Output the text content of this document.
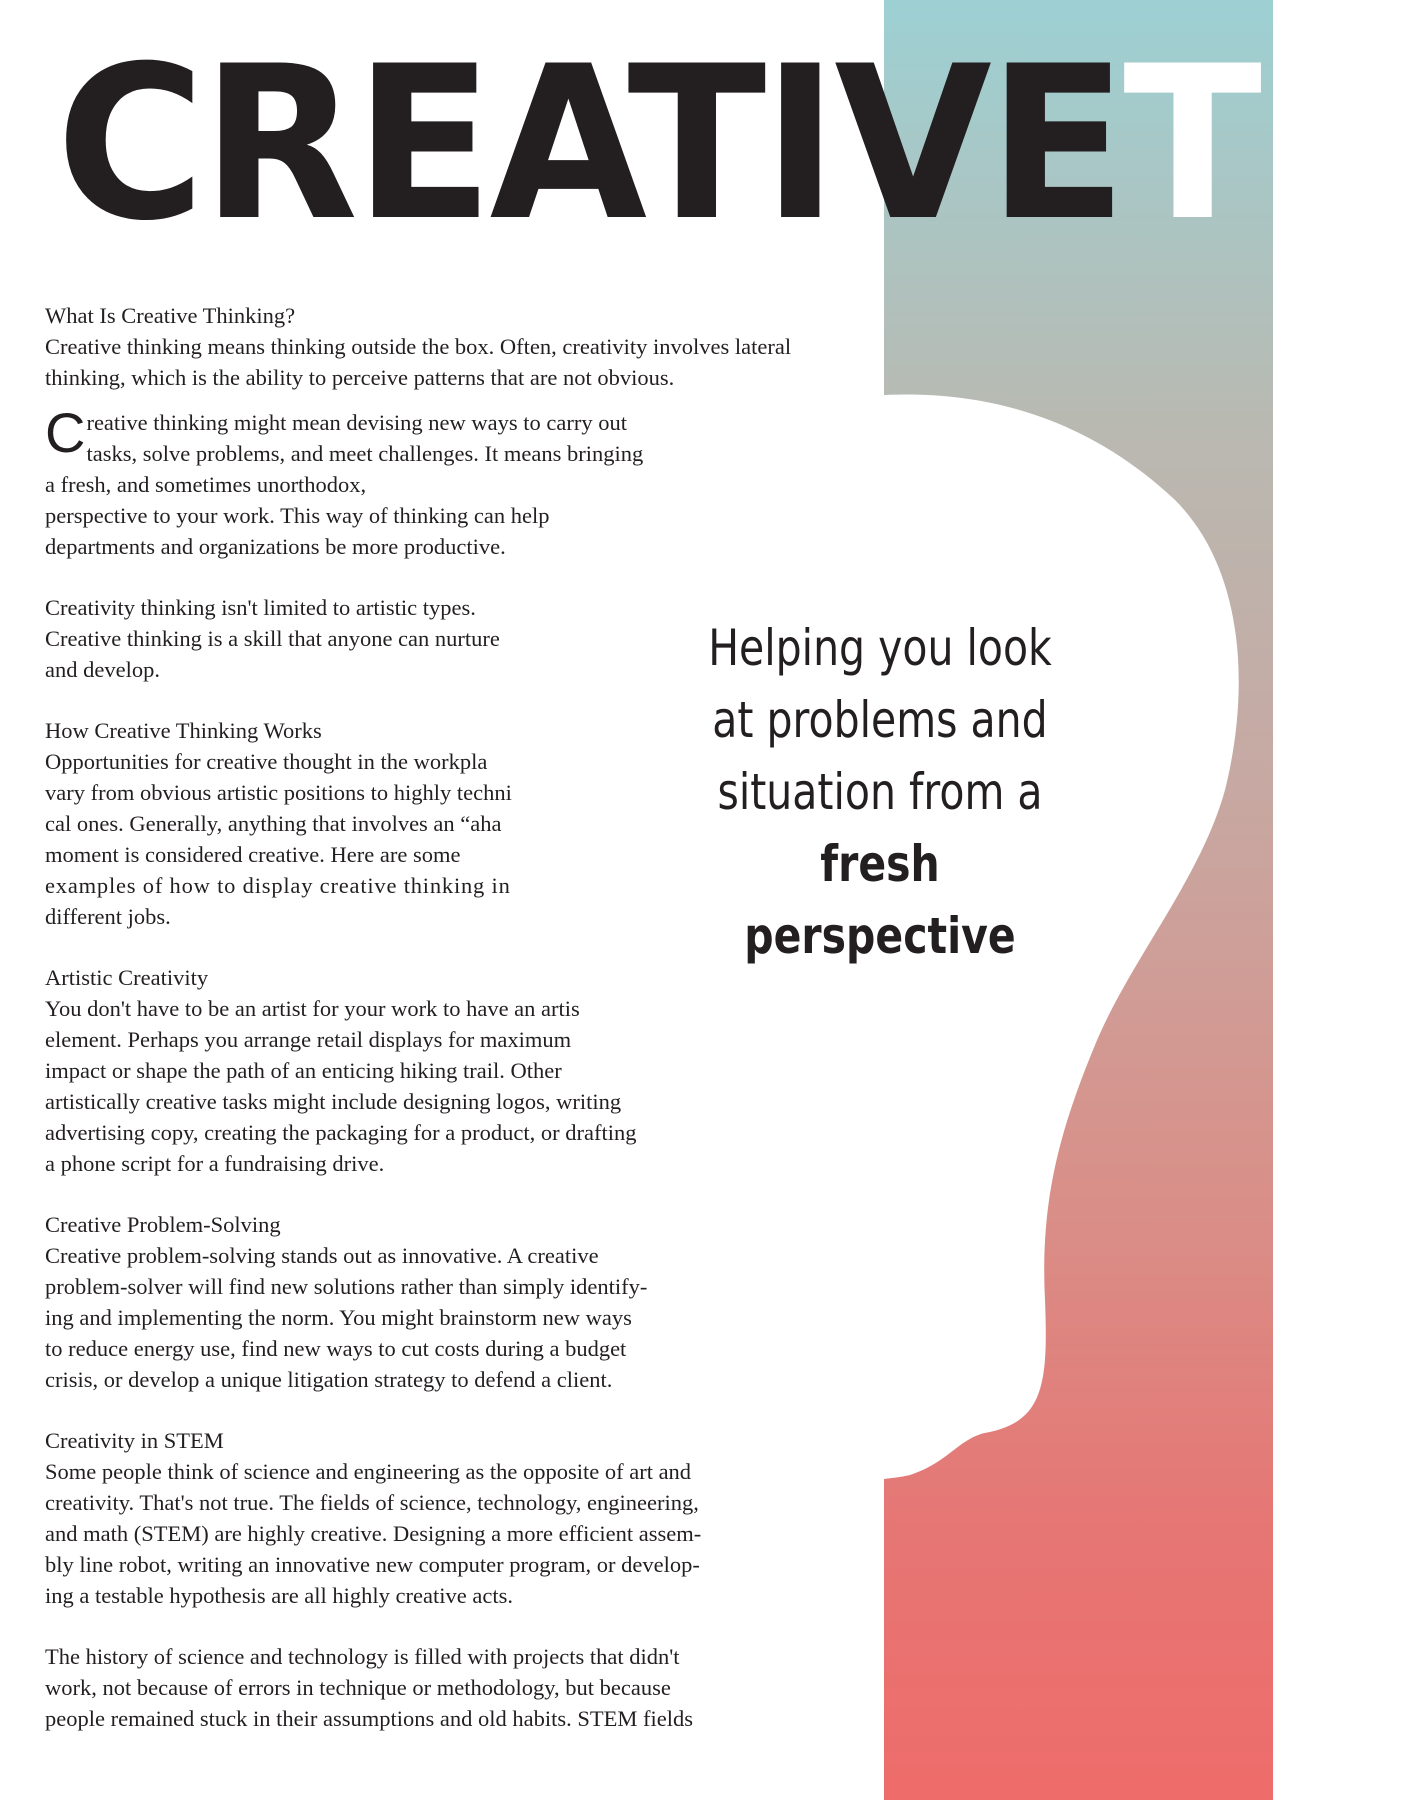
CREATIVETH
Helping you look
at problems and
situation from a
fresh perspective
What Is Creative Thinking?

Creative thinking means thinking outside the box. Often, creativity involves lateral
thinking, which is the ability to perceive patterns that are not obvious.

C reative thinking might mean devising new ways to carry out
tasks, solve problems, and meet challenges. It means bringing
a fresh, and sometimes unorthodox,
perspective to your work. This way of thinking can help
departments and organizations be more productive.

Creativity thinking isn't limited to artistic types.
Creative thinking is a skill that anyone can nurture
and develop.

How Creative Thinking Works

Opportunities for creative thought in the workpla
vary from obvious artistic positions to highly techni
cal ones. Generally, anything that involves an “aha
moment is considered creative. Here are some
examples of how to display creative thinking in
different jobs.

Artistic Creativity

You don't have to be an artist for your work to have an artis
element. Perhaps you arrange retail displays for maximum
impact or shape the path of an enticing hiking trail. Other
artistically creative tasks might include designing logos, writing
advertising copy, creating the packaging for a product, or drafting
a phone script for a fundraising drive.

Creative Problem-Solving

Creative problem-solving stands out as innovative. A creative
problem-solver will find new solutions rather than simply identify-
ing and implementing the norm. You might brainstorm new ways
to reduce energy use, find new ways to cut costs during a budget
crisis, or develop a unique litigation strategy to defend a client.

Creativity in STEM

Some people think of science and engineering as the opposite of art and
creativity. That's not true. The fields of science, technology, engineering,
and math (STEM) are highly creative. Designing a more efficient assem-
bly line robot, writing an innovative new computer program, or develop-
ing a testable hypothesis are all highly creative acts.

The history of science and technology is filled with projects that didn't
work, not because of errors in technique or methodology, but because
people remained stuck in their assumptions and old habits. STEM fields
